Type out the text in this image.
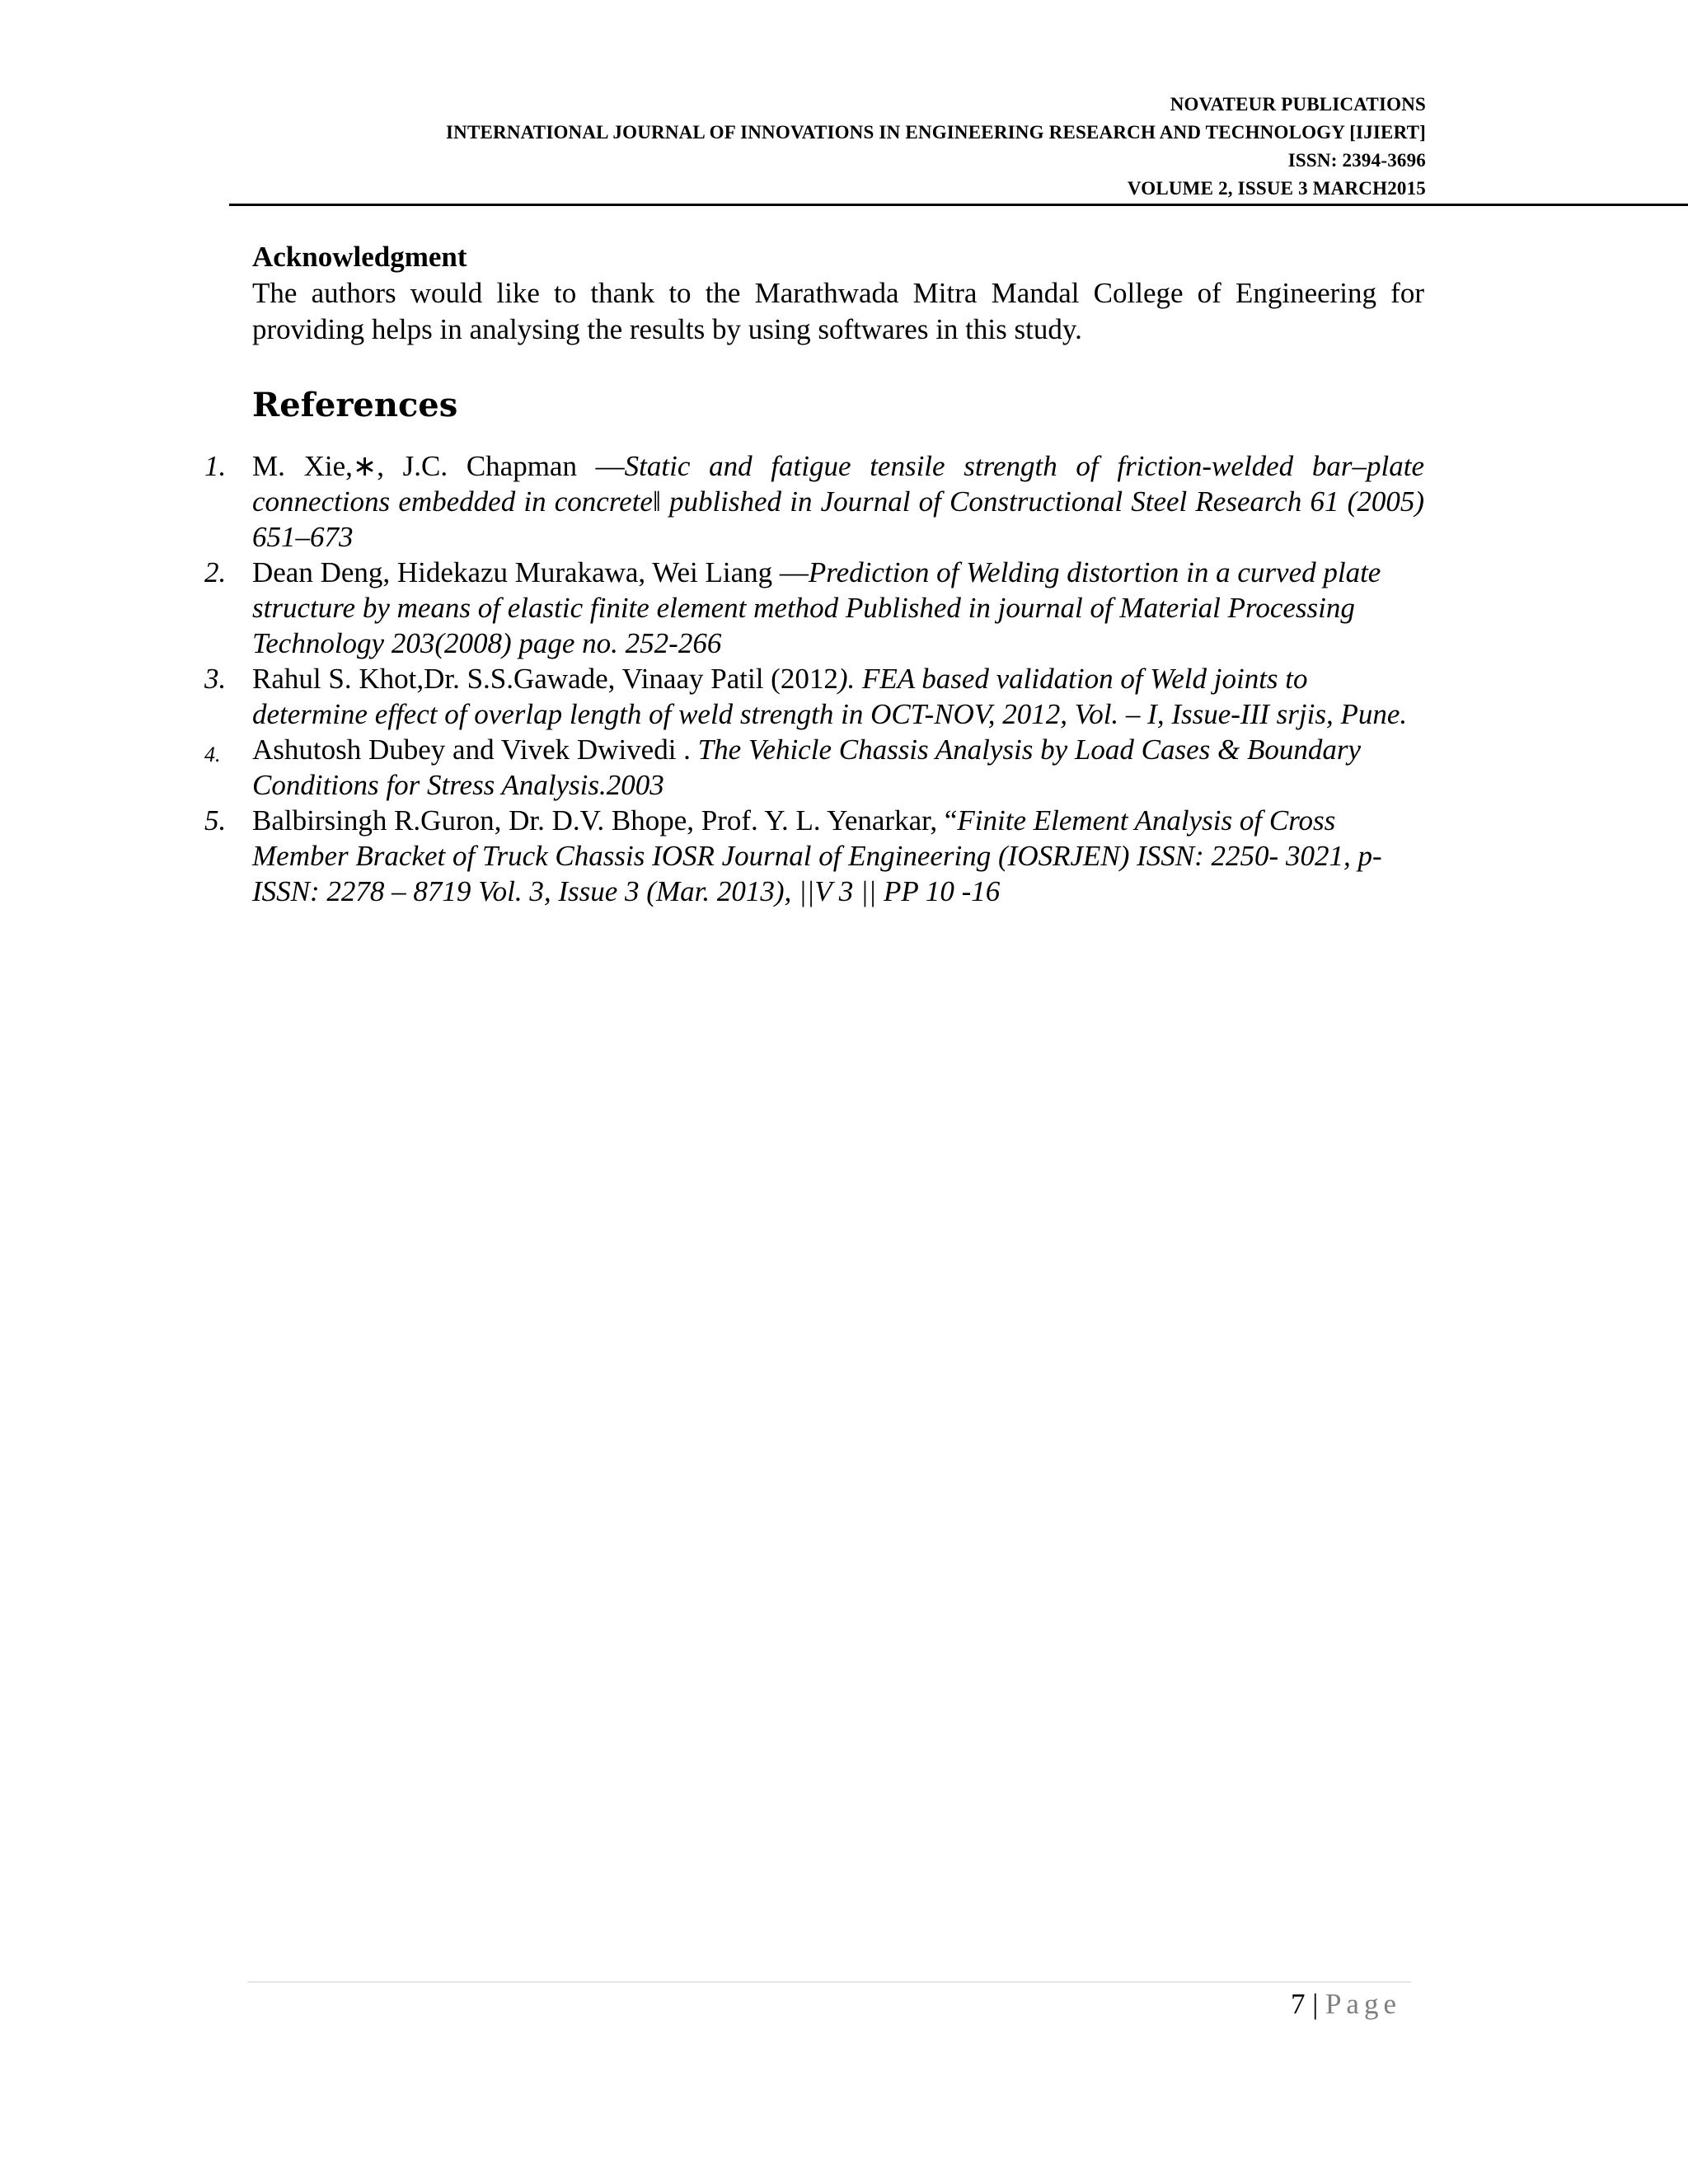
NOVATEUR PUBLICATIONS
INTERNATIONAL JOURNAL OF INNOVATIONS IN ENGINEERING RESEARCH AND TECHNOLOGY [IJIERT]
ISSN: 2394-3696
VOLUME 2, ISSUE 3 MARCH2015
Acknowledgment
The authors would like to thank to the Marathwada Mitra Mandal College of Engineering for providing helps in analysing the results by using softwares in this study.
References
1. M. Xie,∗, J.C. Chapman —Static and fatigue tensile strength of friction-welded bar–plate connections embedded in concrete‖ published in Journal of Constructional Steel Research 61 (2005) 651–673
2. Dean Deng, Hidekazu Murakawa, Wei Liang —Prediction of Welding distortion in a curved plate structure by means of elastic finite element method Published in journal of Material Processing Technology 203(2008) page no. 252-266
3. Rahul S. Khot,Dr. S.S.Gawade, Vinaay Patil (2012). FEA based validation of Weld joints to determine effect of overlap length of weld strength in OCT-NOV, 2012, Vol. – I, Issue-III srjis, Pune.
4. Ashutosh Dubey and Vivek Dwivedi . The Vehicle Chassis Analysis by Load Cases & Boundary Conditions for Stress Analysis.2003
5. Balbirsingh R.Guron, Dr. D.V. Bhope, Prof. Y. L. Yenarkar, “Finite Element Analysis of Cross Member Bracket of Truck Chassis IOSR Journal of Engineering (IOSRJEN) ISSN: 2250- 3021, p-ISSN: 2278 – 8719 Vol. 3, Issue 3 (Mar. 2013), ||V 3 || PP 10 -16
7 | Page
